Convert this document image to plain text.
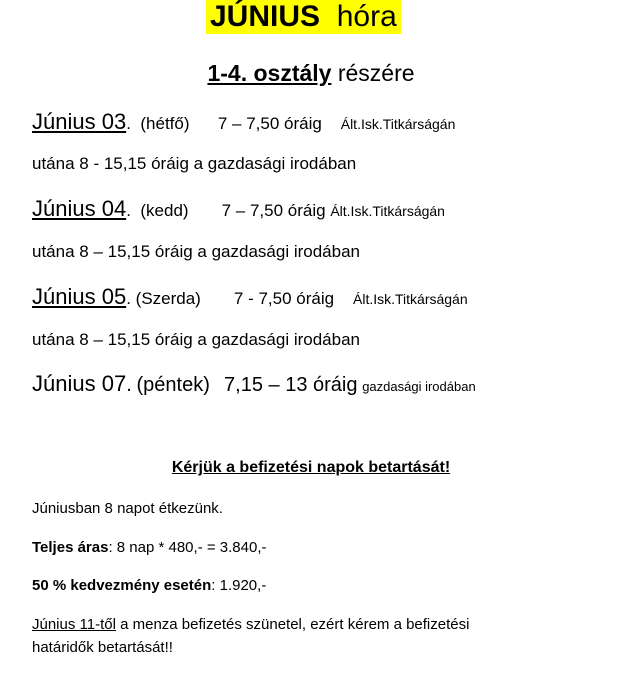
JÚNIUS hóra
1-4. osztály részére
Június 03. (hétfő) 7 – 7,50 óráig Ált.Isk.Titkárságán
utána 8 - 15,15 óráig a gazdasági irodában
Június 04. (kedd) 7 – 7,50 óráig Ált.Isk.Titkárságán
utána 8 – 15,15 óráig a gazdasági irodában
Június 05. (Szerda) 7 - 7,50 óráig Ált.Isk.Titkárságán
utána 8 – 15,15 óráig a gazdasági irodában
Június 07. (péntek) 7,15 – 13 óráig gazdasági irodában
Kérjük a befizetési napok betartását!
Júniusban 8 napot étkezünk.
Teljes áras: 8 nap * 480,- = 3.840,-
50 % kedvezmény esetén: 1.920,-
Június 11-től a menza befizetés szünetel, ezért kérem a befizetési
határidők betartását!!
